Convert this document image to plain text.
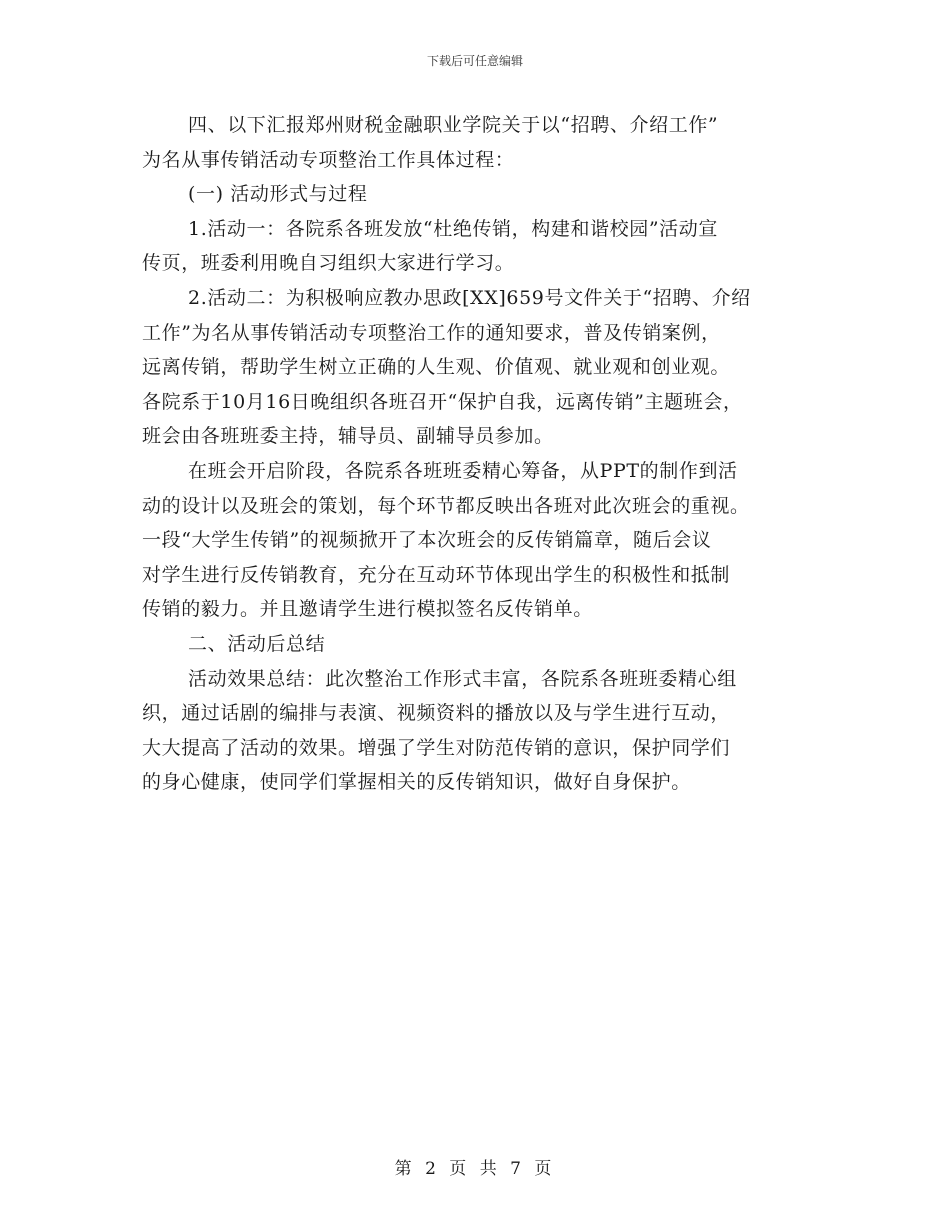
下载后可任意编辑
四、以下汇报郑州财税金融职业学院关于以“招聘、介绍工作”
为名从事传销活动专项整治工作具体过程：
(一) 活动形式与过程
1.活动一：各院系各班发放“杜绝传销，构建和谐校园”活动宣
传页，班委利用晚自习组织大家进行学习。
2.活动二：为积极响应教办思政[XX]659号文件关于“招聘、介绍
工作”为名从事传销活动专项整治工作的通知要求，普及传销案例，
远离传销，帮助学生树立正确的人生观、价值观、就业观和创业观。
各院系于10月16日晚组织各班召开“保护自我，远离传销”主题班会，
班会由各班班委主持，辅导员、副辅导员参加。
在班会开启阶段，各院系各班班委精心筹备，从PPT的制作到活
动的设计以及班会的策划，每个环节都反映出各班对此次班会的重视。
一段“大学生传销”的视频掀开了本次班会的反传销篇章，随后会议
对学生进行反传销教育，充分在互动环节体现出学生的积极性和抵制
传销的毅力。并且邀请学生进行模拟签名反传销单。
二、活动后总结
活动效果总结：此次整治工作形式丰富，各院系各班班委精心组
织，通过话剧的编排与表演、视频资料的播放以及与学生进行互动，
大大提高了活动的效果。增强了学生对防范传销的意识，保护同学们
的身心健康，使同学们掌握相关的反传销知识，做好自身保护。
第 2 页 共 7 页
